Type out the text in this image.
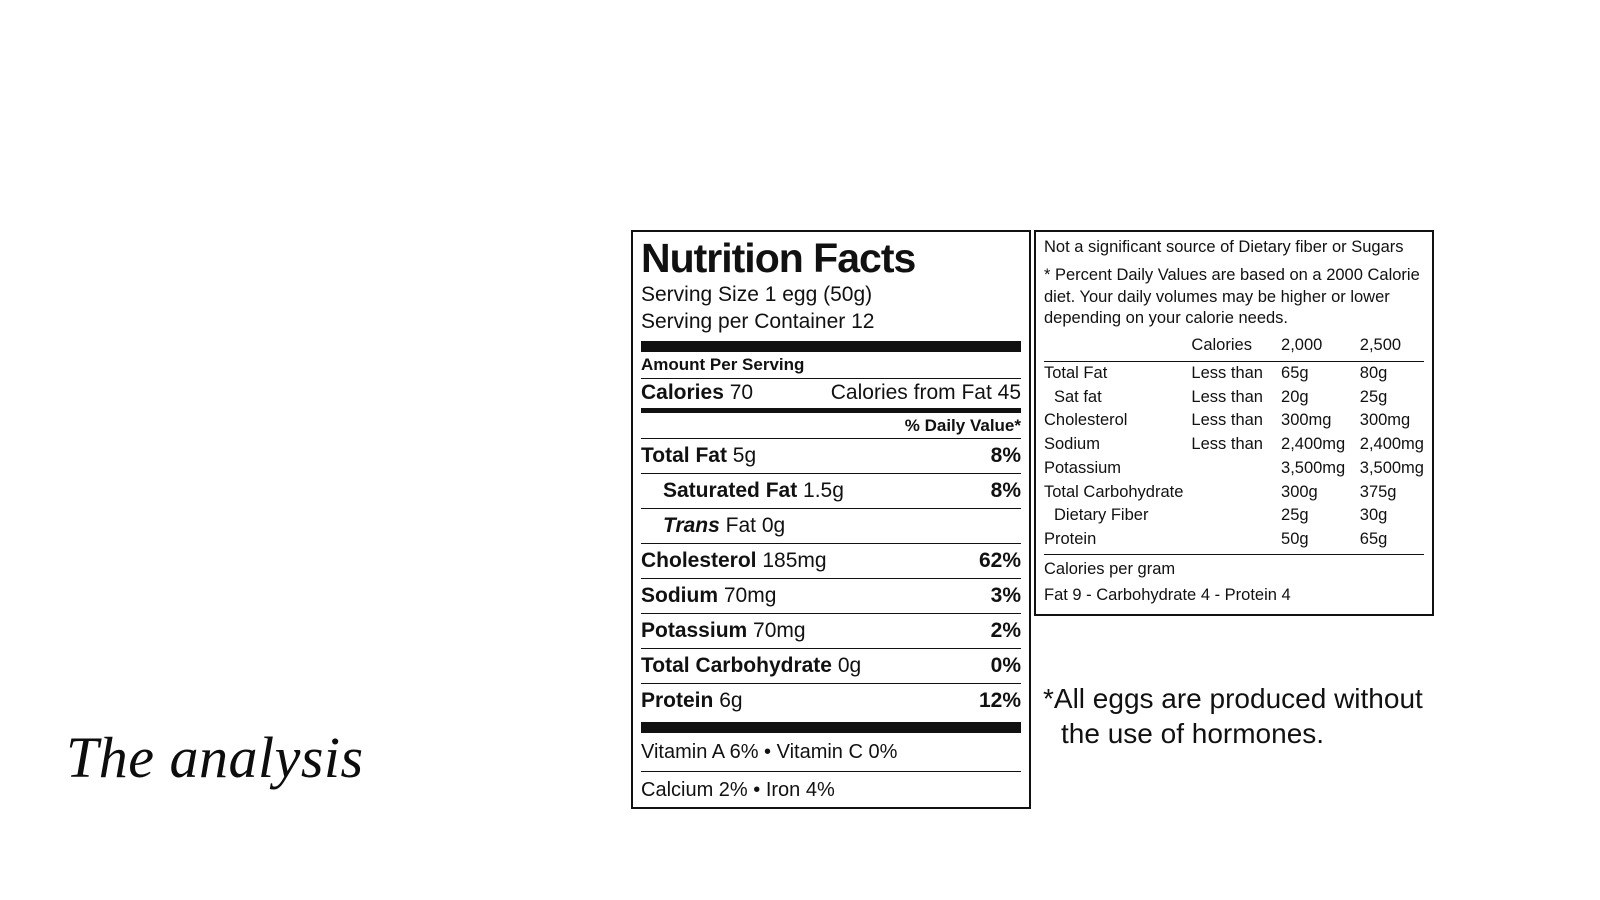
The analysis
Nutrition Facts
Serving Size 1 egg (50g)
Serving per Container 12
Amount Per Serving
Calories 70	Calories from Fat 45
% Daily Value*
Total Fat 5g	8%
Saturated Fat 1.5g	8%
Trans Fat 0g
Cholesterol 185mg	62%
Sodium 70mg	3%
Potassium 70mg	2%
Total Carbohydrate 0g	0%
Protein 6g	12%
Vitamin A 6% • Vitamin C 0%
Calcium 2% • Iron 4%
Not a significant source of Dietary fiber or Sugars
* Percent Daily Values are based on a 2000 Calorie diet. Your daily volumes may be higher or lower depending on your calorie needs.
	Calories	2,000	2,500

Total Fat	Less than	65g	80g
Sat fat	Less than	20g	25g
Cholesterol	Less than	300mg	300mg
Sodium	Less than	2,400mg	2,400mg
Potassium		3,500mg	3,500mg
Total Carbohydrate		300g	375g
Dietary Fiber		25g	30g
Protein		50g	65g
Calories per gram
Fat 9 - Carbohydrate 4 - Protein 4
*All eggs are produced without
the use of hormones.
